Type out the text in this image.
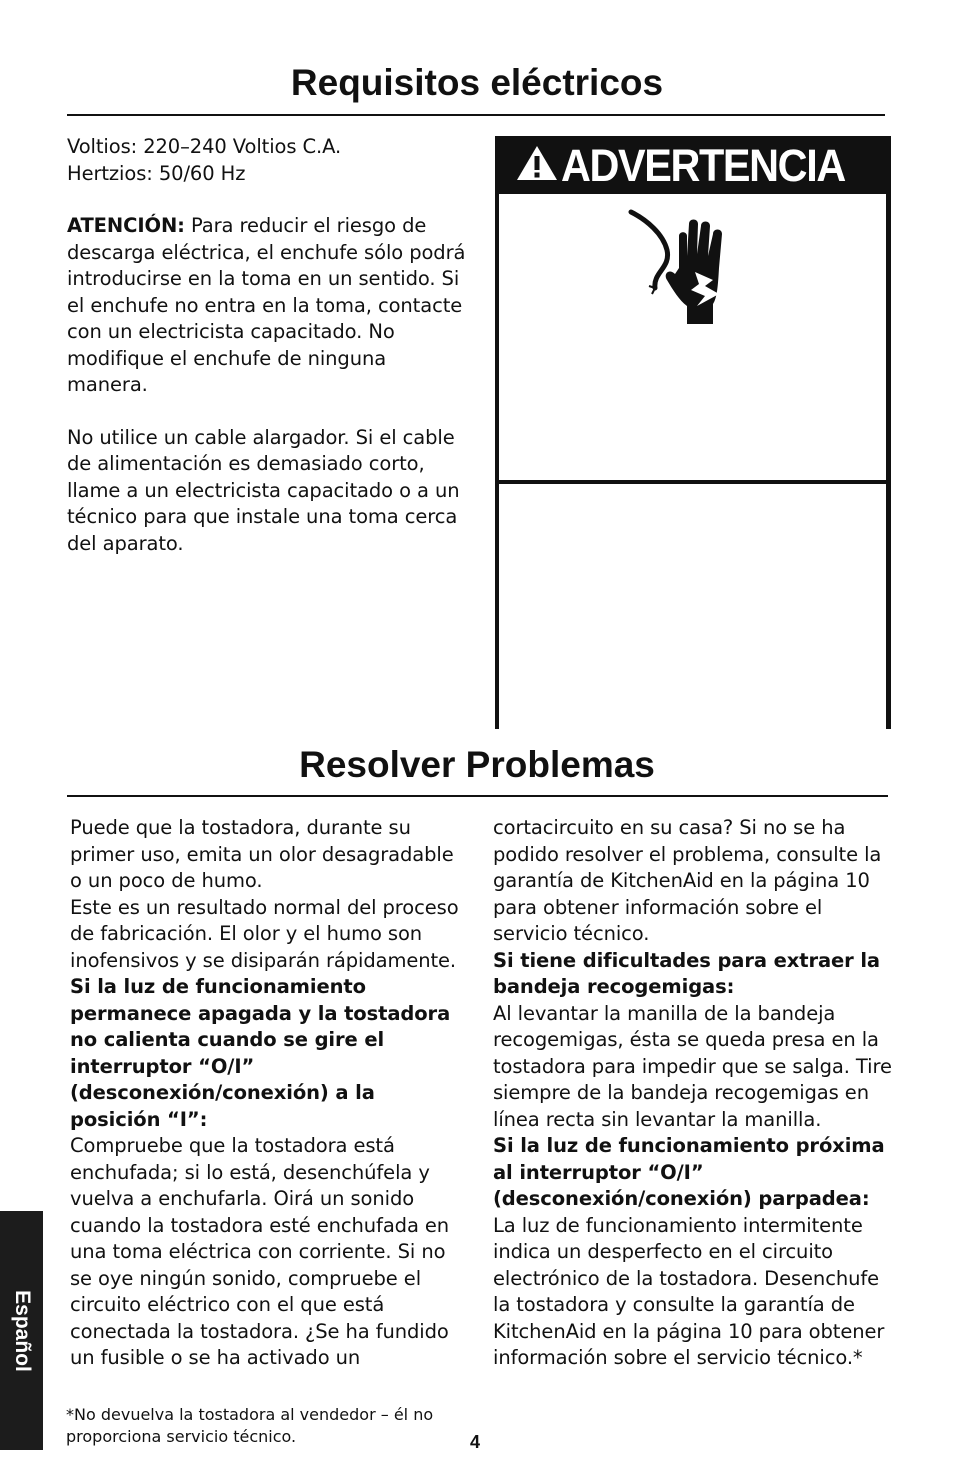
Requisitos eléctricos

Voltios: 220–240 Voltios C.A.

Hertzios: 50/60 Hz

ATENCIÓN: Para reducir el riesgo de descarga eléctrica, el enchufe sólo podrá introducirse en la toma en un sentido. Si el enchufe no entra en la toma, contacte con un electricista capacitado. No modifique el enchufe de ninguna manera.

No utilice un cable alargador. Si el cable de alimentación es demasiado corto, llame a un electricista capacitado o a un técnico para que instale una toma cerca del aparato.

ADVERTENCIA
Resolver Problemas

Puede que la tostadora, durante su primer uso, emita un olor desagradable o un poco de humo.

Este es un resultado normal del proceso de fabricación. El olor y el humo son inofensivos y se disiparán rápidamente.

Si la luz de funcionamiento permanece apagada y la tostadora no calienta cuando se gire el interruptor “O/I” (desconexión/conexión) a la posición “I”:

Compruebe que la tostadora está enchufada; si lo está, desenchúfela y vuelva a enchufarla. Oirá un sonido cuando la tostadora esté enchufada en una toma eléctrica con corriente. Si no se oye ningún sonido, compruebe el circuito eléctrico con el que está conectada la tostadora. ¿Se ha fundido un fusible o se ha activado un

cortacircuito en su casa? Si no se ha podido resolver el problema, consulte la garantía de KitchenAid en la página 10 para obtener información sobre el servicio técnico.

Si tiene dificultades para extraer la bandeja recogemigas:

Al levantar la manilla de la bandeja recogemigas, ésta se queda presa en la tostadora para impedir que se salga. Tire siempre de la bandeja recogemigas en línea recta sin levantar la manilla.

Si la luz de funcionamiento próxima al interruptor “O/I” (desconexión/conexión) parpadea:

La luz de funcionamiento intermitente indica un desperfecto en el circuito electrónico de la tostadora. Desenchufe la tostadora y consulte la garantía de KitchenAid en la página 10 para obtener información sobre el servicio técnico.*

*No devuelva la tostadora al vendedor – él no proporciona servicio técnico.	4
Español
